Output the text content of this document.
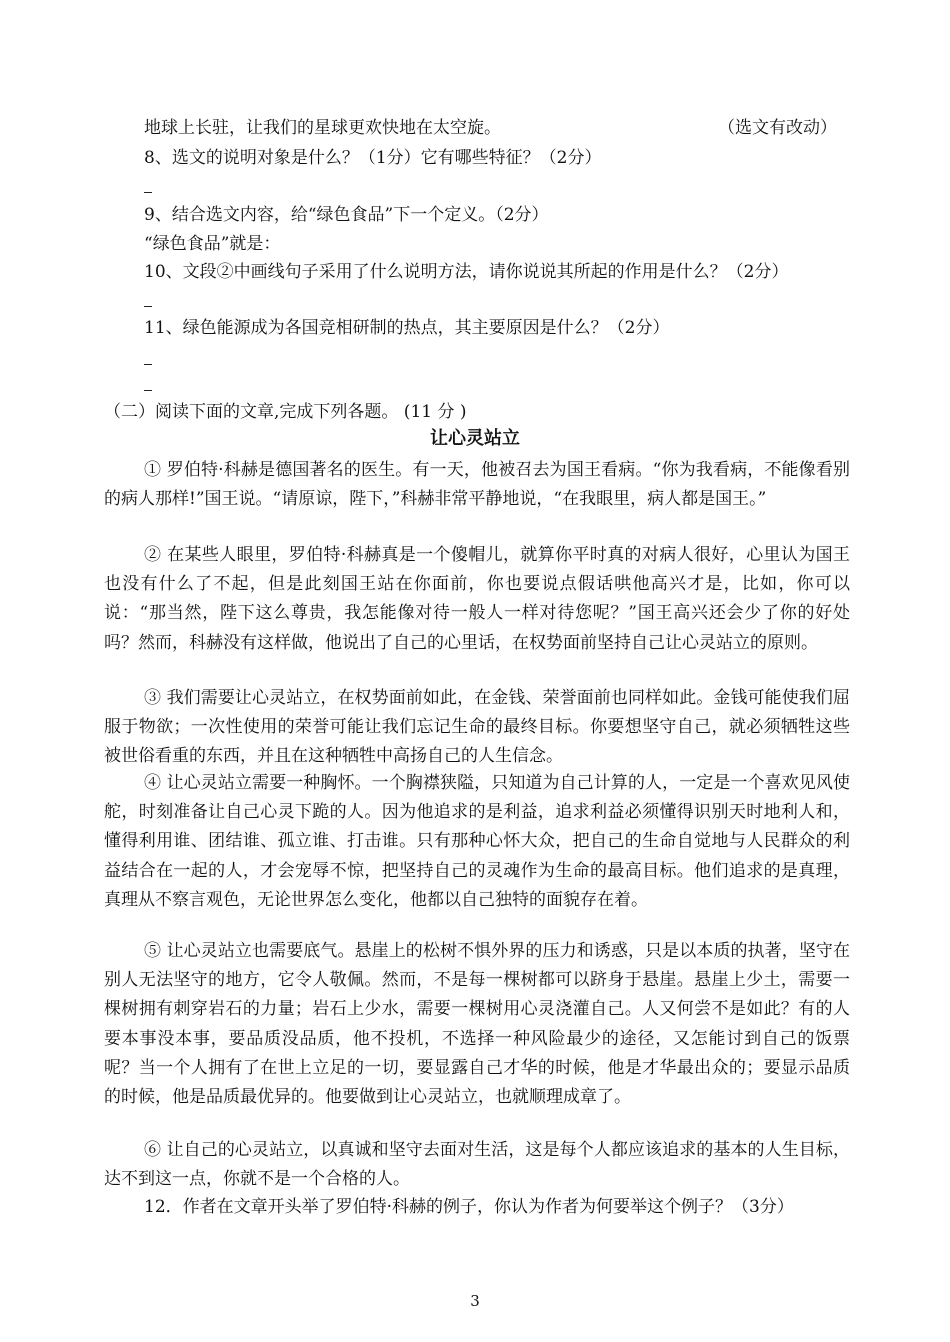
地球上长驻，让我们的星球更欢快地在太空旋。	（选文有改动）
8、选文的说明对象是什么？（1分）它有哪些特征？（2分）
9、结合选文内容，给“绿色食品”下一个定义。（2分）
“绿色食品”就是：
10、文段②中画线句子采用了什么说明方法，请你说说其所起的作用是什么？（2分）
11、绿色能源成为各国竞相研制的热点，其主要原因是什么？（2分）
（二）阅读下面的文章,完成下列各题。 (11 分 )
让心灵站立
① 罗伯特·科赫是德国著名的医生。有一天，他被召去为国王看病。“你为我看病，不能像看别的病人那样!”国王说。“请原谅，陛下，”科赫非常平静地说，“在我眼里，病人都是国王。”
② 在某些人眼里，罗伯特·科赫真是一个傻帽儿，就算你平时真的对病人很好，心里认为国王也没有什么了不起，但是此刻国王站在你面前，你也要说点假话哄他高兴才是，比如，你可以说：“那当然，陛下这么尊贵，我怎能像对待一般人一样对待您呢？”国王高兴还会少了你的好处吗？然而，科赫没有这样做，他说出了自己的心里话，在权势面前坚持自己让心灵站立的原则。
③ 我们需要让心灵站立，在权势面前如此，在金钱、荣誉面前也同样如此。金钱可能使我们屈服于物欲；一次性使用的荣誉可能让我们忘记生命的最终目标。你要想坚守自己，就必须牺牲这些被世俗看重的东西，并且在这种牺牲中高扬自己的人生信念。
④ 让心灵站立需要一种胸怀。一个胸襟狭隘，只知道为自己计算的人，一定是一个喜欢见风使舵，时刻准备让自己心灵下跪的人。因为他追求的是利益，追求利益必须懂得识别天时地利人和，懂得利用谁、团结谁、孤立谁、打击谁。只有那种心怀大众，把自己的生命自觉地与人民群众的利益结合在一起的人，才会宠辱不惊，把坚持自己的灵魂作为生命的最高目标。他们追求的是真理，真理从不察言观色，无论世界怎么变化，他都以自己独特的面貌存在着。
⑤ 让心灵站立也需要底气。悬崖上的松树不惧外界的压力和诱惑，只是以本质的执著，坚守在别人无法坚守的地方，它令人敬佩。然而，不是每一棵树都可以跻身于悬崖。悬崖上少土，需要一棵树拥有刺穿岩石的力量；岩石上少水，需要一棵树用心灵浇灌自己。人又何尝不是如此？有的人要本事没本事，要品质没品质，他不投机，不选择一种风险最少的途径，又怎能讨到自己的饭票呢？当一个人拥有了在世上立足的一切，要显露自己才华的时候，他是才华最出众的；要显示品质的时候，他是品质最优异的。他要做到让心灵站立，也就顺理成章了。
⑥ 让自己的心灵站立，以真诚和坚守去面对生活，这是每个人都应该追求的基本的人生目标，达不到这一点，你就不是一个合格的人。
12．作者在文章开头举了罗伯特·科赫的例子，你认为作者为何要举这个例子？（3分）
3
